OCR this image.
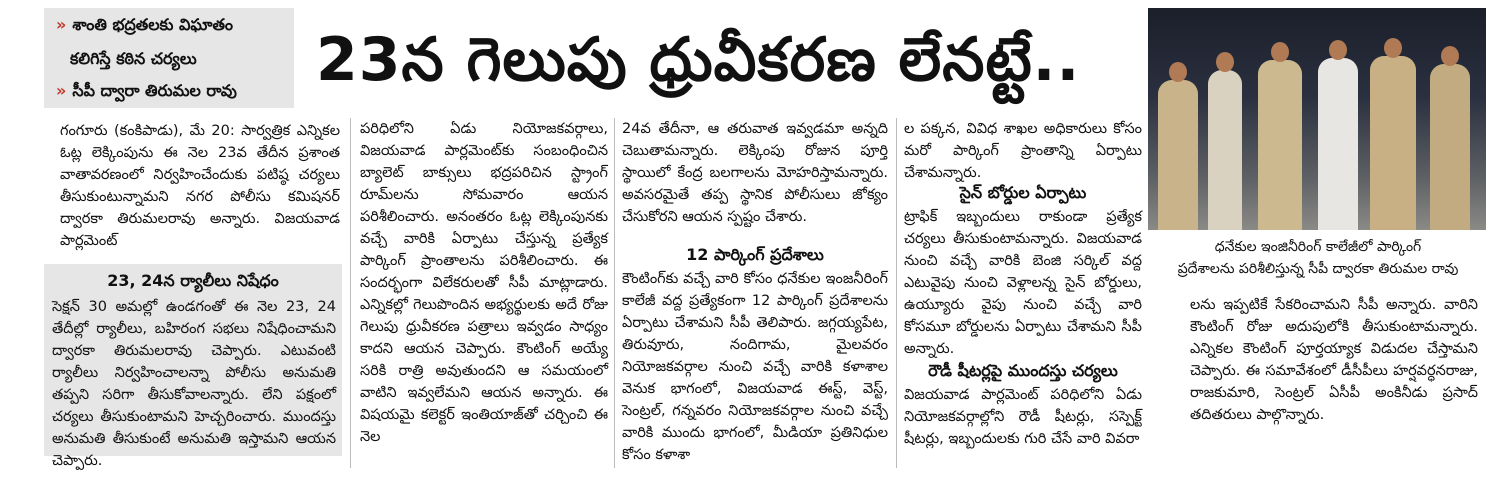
» శాంతి భద్రతలకు విఘాతం
కలిగిస్తే కఠిన చర్యలు
» సీపీ ద్వారా తిరుమల రావు 23న గెలుపు ధ్రువీకరణ లేనట్టే..
ధనేకుల ఇంజినీరింగ్ కాలేజీలో పార్కింగ్
ప్రదేశాలను పరిశీలిస్తున్న సీపీ ద్వారకా తిరుమల రావు
గంగూరు (కంకిపాడు), మే 20: సార్వత్రిక ఎన్నికల ఓట్ల లెక్కింపును ఈ నెల 23వ తేదీన ప్రశాంత వాతావరణంలో నిర్వహించేందుకు పటిష్ఠ చర్యలు తీసుకుంటున్నామని నగర పోలీసు కమిషనర్ ద్వారకా తిరుమలరావు అన్నారు. విజయవాడ పార్లమెంట్
23, 24న ర్యాలీలు నిషేధం
సెక్షన్ 30 అమల్లో ఉండగంతో ఈ నెల 23, 24 తేదీల్లో ర్యాలీలు, బహిరంగ సభలు నిషేధించామని ద్వారకా తిరుమలరావు చెప్పారు. ఎటువంటి ర్యాలీలు నిర్వహించాలన్నా పోలీసు అనుమతి తప్పని సరిగా తీసుకోవాలన్నారు. లేని పక్షంలో చర్యలు తీసుకుంటామని హెచ్చరించారు. ముందస్తు అనుమతి తీసుకుంటే అనుమతి ఇస్తామని ఆయన చెప్పారు.
పరిధిలోని ఏడు నియోజకవర్గాలు, విజయవాడ పార్లమెంట్‌కు సంబంధించిన బ్యాలెట్ బాక్సులు భద్రపరిచిన స్ట్రాంగ్ రూమ్‌లను సోమవారం ఆయన పరిశీలించారు. అనంతరం ఓట్ల లెక్కింపునకు వచ్చే వారికి ఏర్పాటు చేస్తున్న ప్రత్యేక పార్కింగ్ ప్రాంతాలను పరిశీలించారు. ఈ సందర్భంగా విలేకరులతో సీపీ మాట్లాడారు. ఎన్నికల్లో గెలుపొందిన అభ్యర్థులకు అదే రోజు గెలుపు ధ్రువీకరణ పత్రాలు ఇవ్వడం సాధ్యం కాదని ఆయన చెప్పారు. కౌంటింగ్ అయ్యే సరికి రాత్రి అవుతుందని ఆ సమయంలో వాటిని ఇవ్వలేమని ఆయన అన్నారు. ఈ విషయమై కలెక్టర్ ఇంతియాజ్‌తో చర్చించి ఈ నెల
24వ తేదీనా, ఆ తరువాత ఇవ్వడమా అన్నది చెబుతామన్నారు. లెక్కింపు రోజున పూర్తి స్థాయిలో కేంద్ర బలగాలను మోహరిస్తామన్నారు. అవసరమైతే తప్ప స్థానిక పోలీసులు జోక్యం చేసుకోరని ఆయన స్పష్టం చేశారు.
12 పార్కింగ్ ప్రదేశాలు
కౌంటింగ్‌కు వచ్చే వారి కోసం ధనేకుల ఇంజనీరింగ్ కాలేజీ వద్ద ప్రత్యేకంగా 12 పార్కింగ్ ప్రదేశాలను ఏర్పాటు చేశామని సీపీ తెలిపారు. జగ్గయ్యపేట, తిరువూరు, నందిగామ, మైలవరం నియోజకవర్గాల నుంచి వచ్చే వారికి కళాశాల వెనుక భాగంలో, విజయవాడ ఈస్ట్, వెస్ట్, సెంట్రల్, గన్నవరం నియోజకవర్గాల నుంచి వచ్చే వారికి ముందు భాగంలో, మీడియా ప్రతినిధుల కోసం కళాశా
ల పక్కన, వివిధ శాఖల అధికారులు కోసం మరో పార్కింగ్ ప్రాంతాన్ని ఏర్పాటు చేశామన్నారు.
సైన్ బోర్డుల ఏర్పాటు
ట్రాఫిక్ ఇబ్బందులు రాకుండా ప్రత్యేక చర్యలు తీసుకుంటామన్నారు. విజయవాడ నుంచి వచ్చే వారికి బెంజి సర్కిల్ వద్ద ఎటువైపు నుంచి వెళ్లాలన్న సైన్ బోర్డులు, ఉయ్యూరు వైపు నుంచి వచ్చే వారి కోసమూ బోర్డులను ఏర్పాటు చేశామని సీపీ అన్నారు.
రౌడీ షీటర్లపై ముందస్తు చర్యలు
విజయవాడ పార్లమెంట్ పరిధిలోని ఏడు నియోజకవర్గాల్లోని రౌడీ షీటర్లు, సస్పెక్ట్ షీటర్లు, ఇబ్బందులకు గురి చేసే వారి వివరా
లను ఇప్పటికే సేకరించామని సీపీ అన్నారు. వారిని కౌంటింగ్ రోజు అదుపులోకి తీసుకుంటామన్నారు. ఎన్నికల కౌంటింగ్ పూర్తయ్యాక విడుదల చేస్తామని చెప్పారు. ఈ సమావేశంలో డీసీపీలు హర్షవర్ధనరాజు, రాజకుమారి, సెంట్రల్ ఏసీపీ అంకినీడు ప్రసాద్ తదితరులు పాల్గొన్నారు.
